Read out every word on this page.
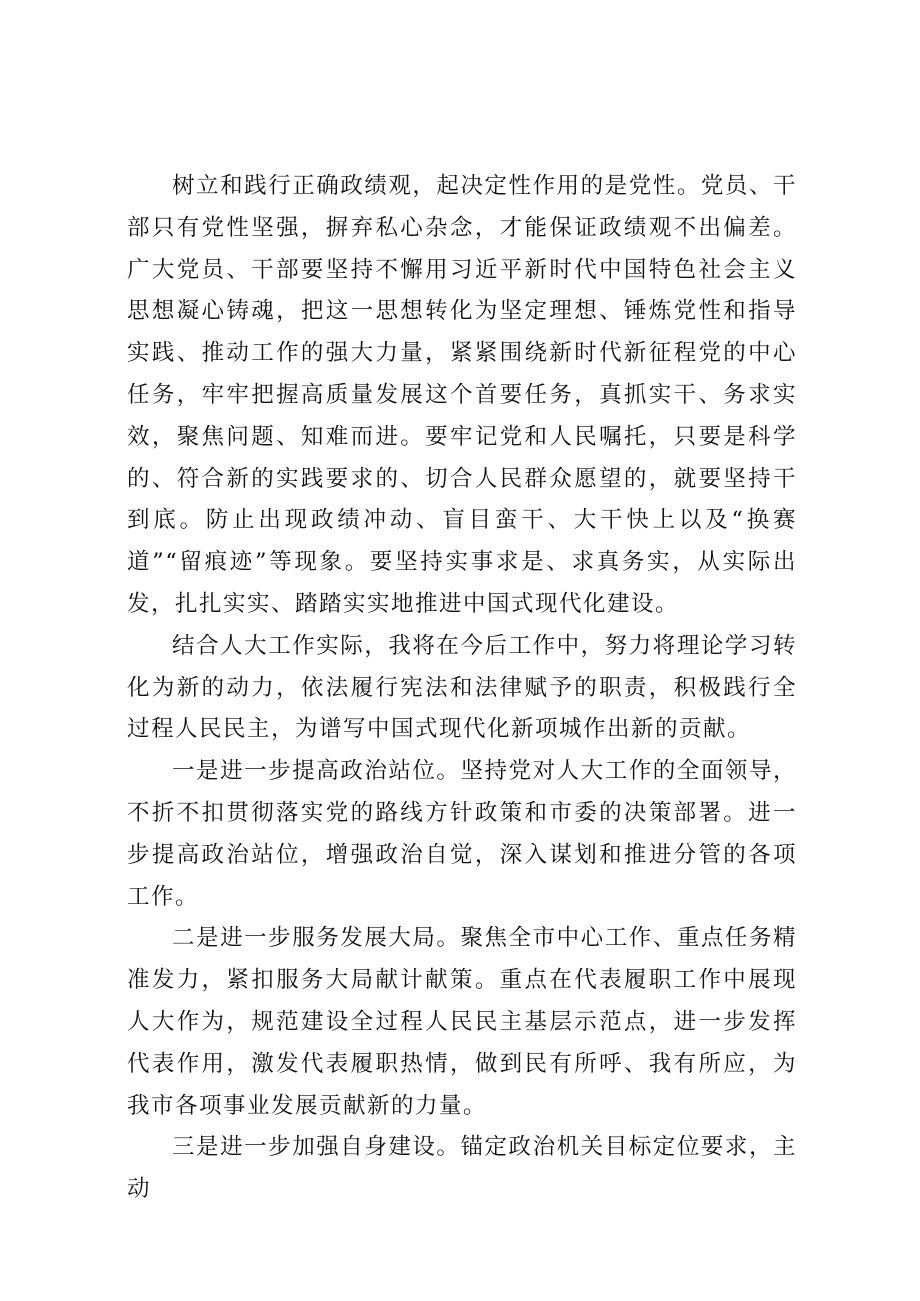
树立和践行正确政绩观，起决定性作用的是党性。党员、干部只有党性坚强，摒弃私心杂念，才能保证政绩观不出偏差。广大党员、干部要坚持不懈用习近平新时代中国特色社会主义思想凝心铸魂，把这一思想转化为坚定理想、锤炼党性和指导实践、推动工作的强大力量，紧紧围绕新时代新征程党的中心任务，牢牢把握高质量发展这个首要任务，真抓实干、务求实效，聚焦问题、知难而进。要牢记党和人民嘱托，只要是科学的、符合新的实践要求的、切合人民群众愿望的，就要坚持干到底。防止出现政绩冲动、盲目蛮干、大干快上以及“换赛道”“留痕迹”等现象。要坚持实事求是、求真务实，从实际出发，扎扎实实、踏踏实实地推进中国式现代化建设。

结合人大工作实际，我将在今后工作中，努力将理论学习转化为新的动力，依法履行宪法和法律赋予的职责，积极践行全过程人民民主，为谱写中国式现代化新项城作出新的贡献。

一是进一步提高政治站位。坚持党对人大工作的全面领导，不折不扣贯彻落实党的路线方针政策和市委的决策部署。进一步提高政治站位，增强政治自觉，深入谋划和推进分管的各项工作。

二是进一步服务发展大局。聚焦全市中心工作、重点任务精准发力，紧扣服务大局献计献策。重点在代表履职工作中展现人大作为，规范建设全过程人民民主基层示范点，进一步发挥代表作用，激发代表履职热情，做到民有所呼、我有所应，为我市各项事业发展贡献新的力量。

三是进一步加强自身建设。锚定政治机关目标定位要求，主动
